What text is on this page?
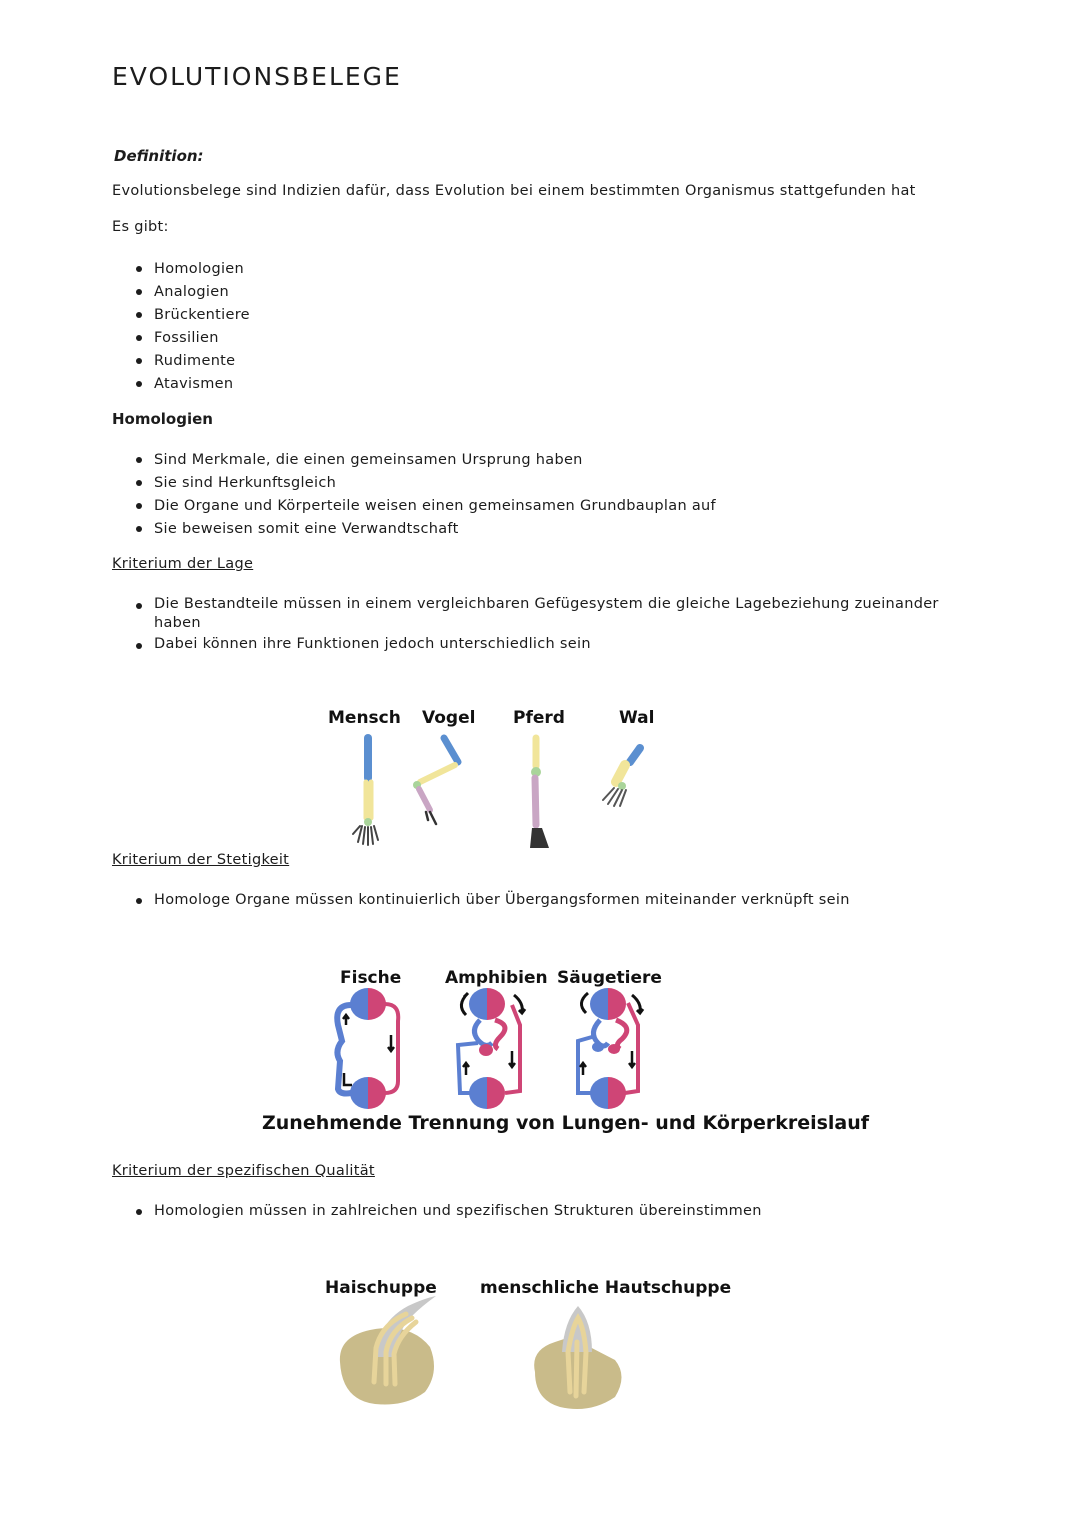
EVOLUTIONSBELEGE
Definition:
Evolutionsbelege sind Indizien dafür, dass Evolution bei einem bestimmten Organismus stattgefunden hat
Es gibt:
Homologien
Analogien
Brückentiere
Fossilien
Rudimente
Atavismen
Homologien
Sind Merkmale, die einen gemeinsamen Ursprung haben
Sie sind Herkunftsgleich
Die Organe und Körperteile weisen einen gemeinsamen Grundbauplan auf
Sie beweisen somit eine Verwandtschaft
Kriterium der Lage
Die Bestandteile müssen in einem vergleichbaren Gefügesystem die gleiche Lagebeziehung zueinander haben
Dabei können ihre Funktionen jedoch unterschiedlich sein
Mensch Vogel Pferd	Wal
Kriterium der Stetigkeit
Homologe Organe müssen kontinuierlich über Übergangsformen miteinander verknüpft sein
Fische	Amphibien Säugetiere
Zunehmende Trennung von Lungen- und Körperkreislauf
Kriterium der spezifischen Qualität
Homologien müssen in zahlreichen und spezifischen Strukturen übereinstimmen
Haischuppe	menschliche Hautschuppe
